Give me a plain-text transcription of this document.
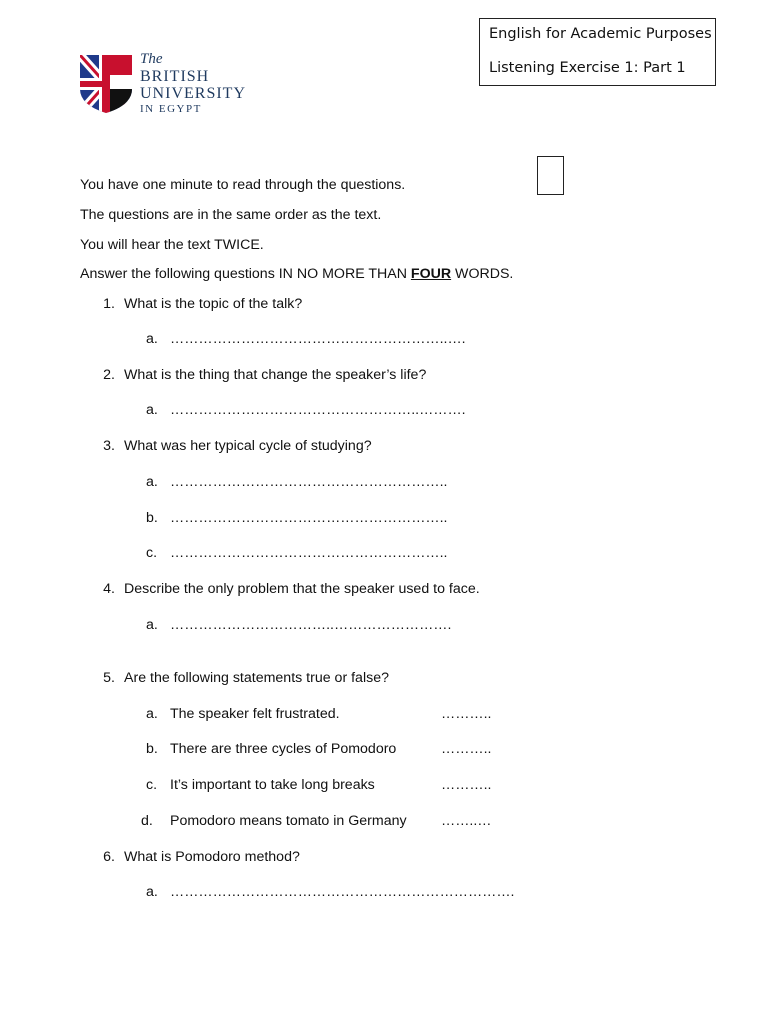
English for Academic Purposes
Listening Exercise 1: Part 1
The
BRITISH
UNIVERSITY
IN EGYPT
You have one minute to read through the questions.
The questions are in the same order as the text.
You will hear the text TWICE.
Answer the following questions IN NO MORE THAN FOUR WORDS.
1. What is the topic of the talk?
a. …………………………………………………..….
2. What is the thing that change the speaker’s life?
a. ……………………………………………..……….
3. What was her typical cycle of studying?
a. …………………………………………………..
b. …………………………………………………..
c. …………………………………………………..
4. Describe the only problem that the speaker used to face.
a. ……………………………..…………………….
5. Are the following statements true or false?
a. The speaker felt frustrated.	………..
b. There are three cycles of Pomodoro	………..
c. It’s important to take long breaks	………..
d. Pomodoro means tomato in Germany ……..…
6. What is Pomodoro method?
a. ……………………………………………………………….
